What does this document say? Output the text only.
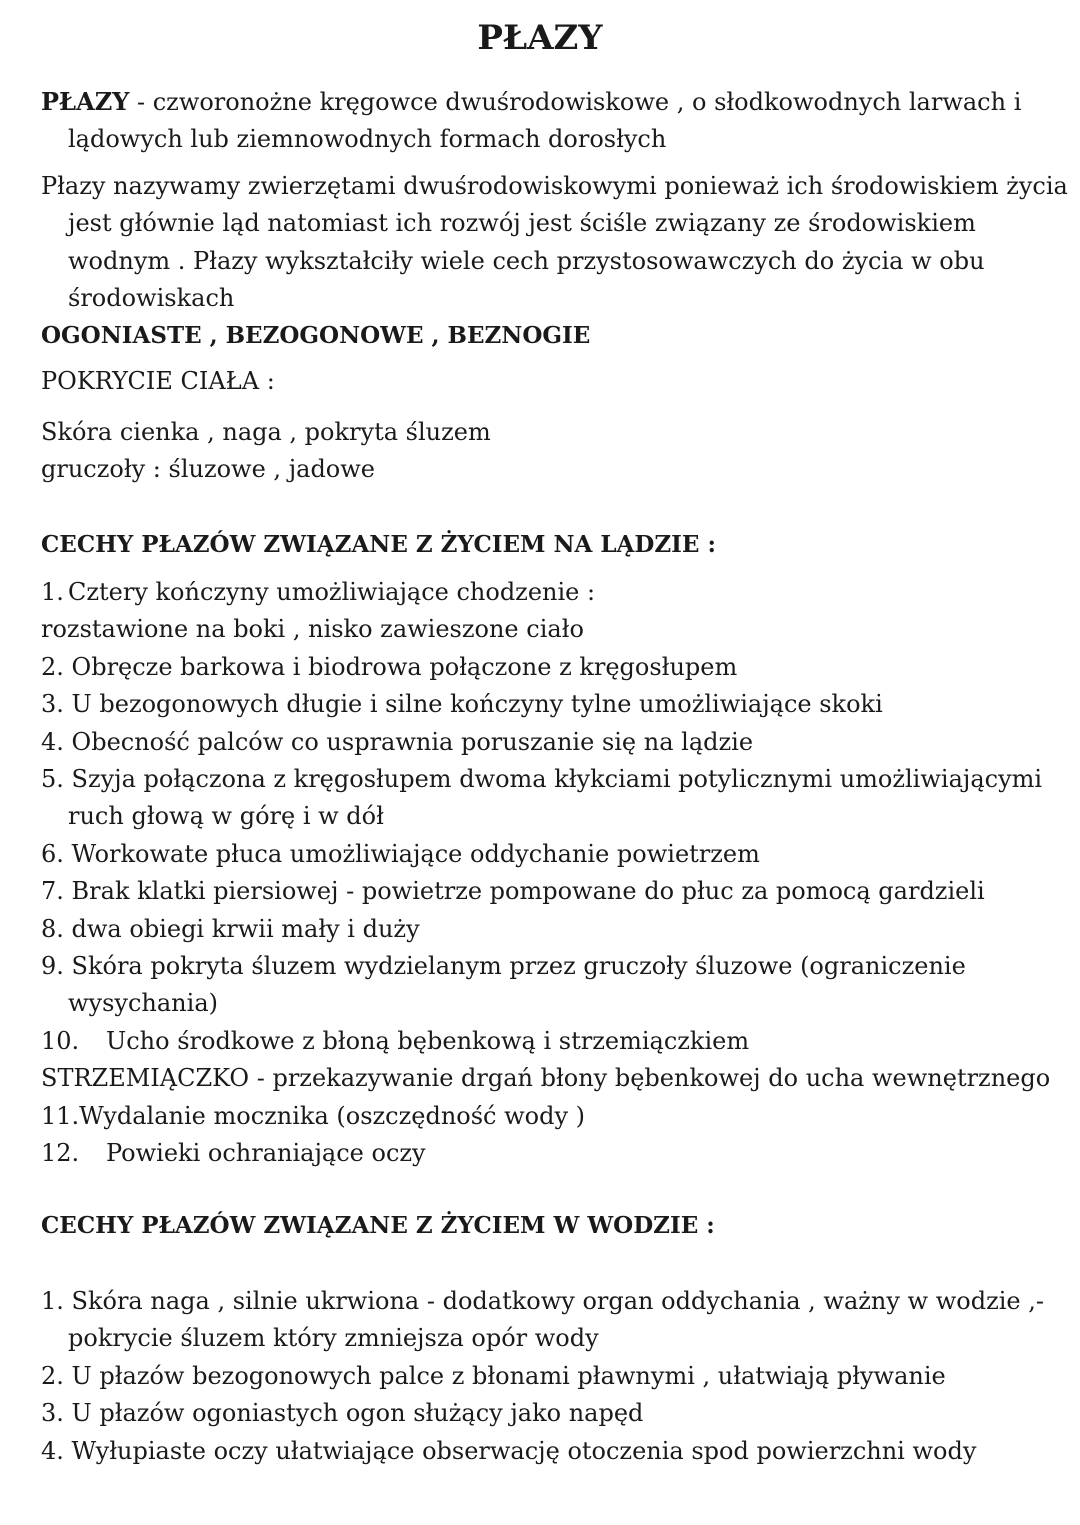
PŁAZY
PŁAZY - czworonożne kręgowce dwuśrodowiskowe , o słodkowodnych larwach i
lądowych lub ziemnowodnych formach dorosłych
Płazy nazywamy zwierzętami dwuśrodowiskowymi ponieważ ich środowiskiem życia
jest głównie ląd natomiast ich rozwój jest ściśle związany ze środowiskiem
wodnym . Płazy wykształciły wiele cech przystosowawczych do życia w obu
środowiskach
OGONIASTE , BEZOGONOWE , BEZNOGIE
POKRYCIE CIAŁA :
Skóra cienka , naga , pokryta śluzem
gruczoły : śluzowe , jadowe
CECHY PŁAZÓW ZWIĄZANE Z ŻYCIEM NA LĄDZIE :
1. Cztery kończyny umożliwiające chodzenie :
rozstawione na boki , nisko zawieszone ciało
2. Obręcze barkowa i biodrowa połączone z kręgosłupem
3. U bezogonowych długie i silne kończyny tylne umożliwiające skoki
4. Obecność palców co usprawnia poruszanie się na lądzie
5. Szyja połączona z kręgosłupem dwoma kłykciami potylicznymi umożliwiającymi
ruch głową w górę i w dół
6. Workowate płuca umożliwiające oddychanie powietrzem
7. Brak klatki piersiowej - powietrze pompowane do płuc za pomocą gardzieli
8. dwa obiegi krwii mały i duży
9. Skóra pokryta śluzem wydzielanym przez gruczoły śluzowe (ograniczenie
wysychania)
10. Ucho środkowe z błoną bębenkową i strzemiączkiem
STRZEMIĄCZKO - przekazywanie drgań błony bębenkowej do ucha wewnętrznego
11.Wydalanie mocznika (oszczędność wody )
12. Powieki ochraniające oczy
CECHY PŁAZÓW ZWIĄZANE Z ŻYCIEM W WODZIE :
1. Skóra naga , silnie ukrwiona - dodatkowy organ oddychania , ważny w wodzie ,-
pokrycie śluzem który zmniejsza opór wody
2. U płazów bezogonowych palce z błonami pławnymi , ułatwiają pływanie
3. U płazów ogoniastych ogon służący jako napęd
4. Wyłupiaste oczy ułatwiające obserwację otoczenia spod powierzchni wody
